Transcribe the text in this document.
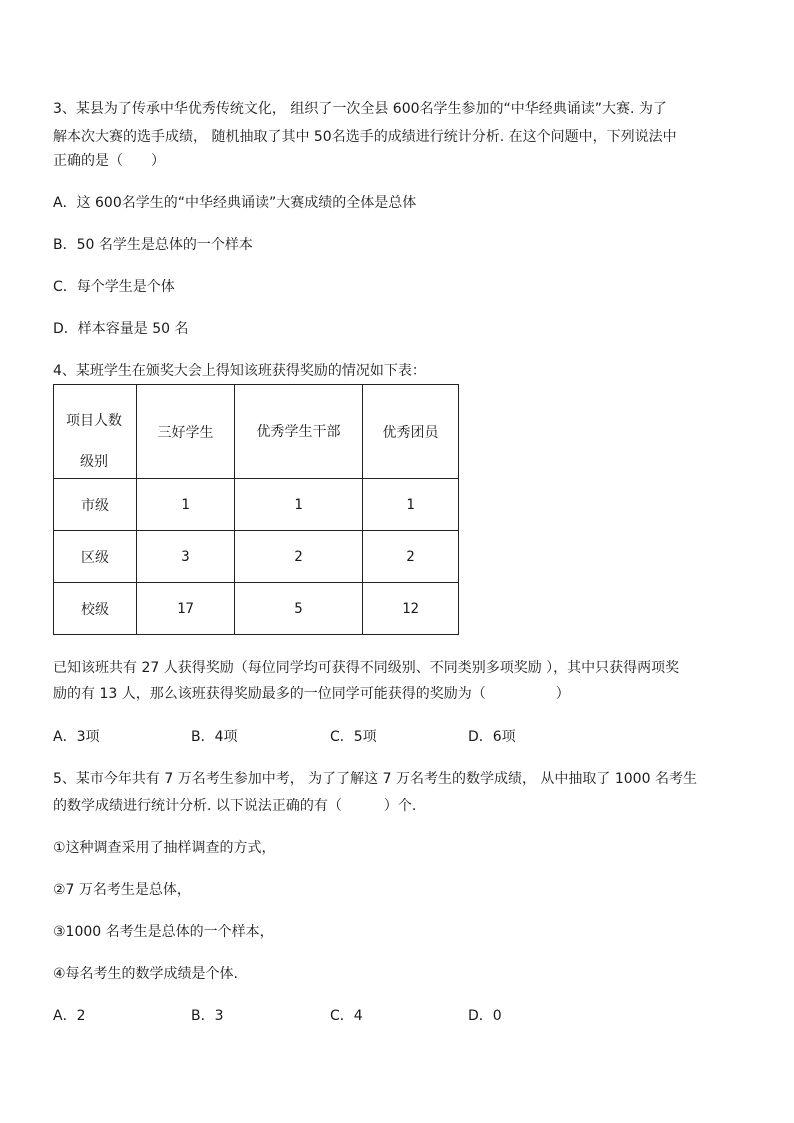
3、某县为了传承中华优秀传统文化， 组织了一次全县 600名学生参加的“中华经典诵读”大赛. 为了
解本次大赛的选手成绩， 随机抽取了其中 50名选手的成绩进行统计分析. 在这个问题中，下列说法中
正确的是（　　）
A．这 600名学生的“中华经典诵读”大赛成绩的全体是总体
B．50 名学生是总体的一个样本
C．每个学生是个体
D．样本容量是 50 名
4、某班学生在颁奖大会上得知该班获得奖励的情况如下表：
项目人数
级别	三好学生	优秀学生干部	优秀团员
市级	1	1	1
区级	3	2	2
校级	17	5	12
已知该班共有 27 人获得奖励（每位同学均可获得不同级别、不同类别多项奖励 ），其中只获得两项奖
励的有 13 人，那么该班获得奖励最多的一位同学可能获得的奖励为（　　　　　）
A．3项	B．4项	C．5项	D．6项
5、某市今年共有 7 万名考生参加中考， 为了了解这 7 万名考生的数学成绩， 从中抽取了 1000 名考生
的数学成绩进行统计分析. 以下说法正确的有（　　　）个.
①这种调查采用了抽样调查的方式，
②7 万名考生是总体，
③1000 名考生是总体的一个样本，
④每名考生的数学成绩是个体.
A．2	B．3	C．4	D．0
